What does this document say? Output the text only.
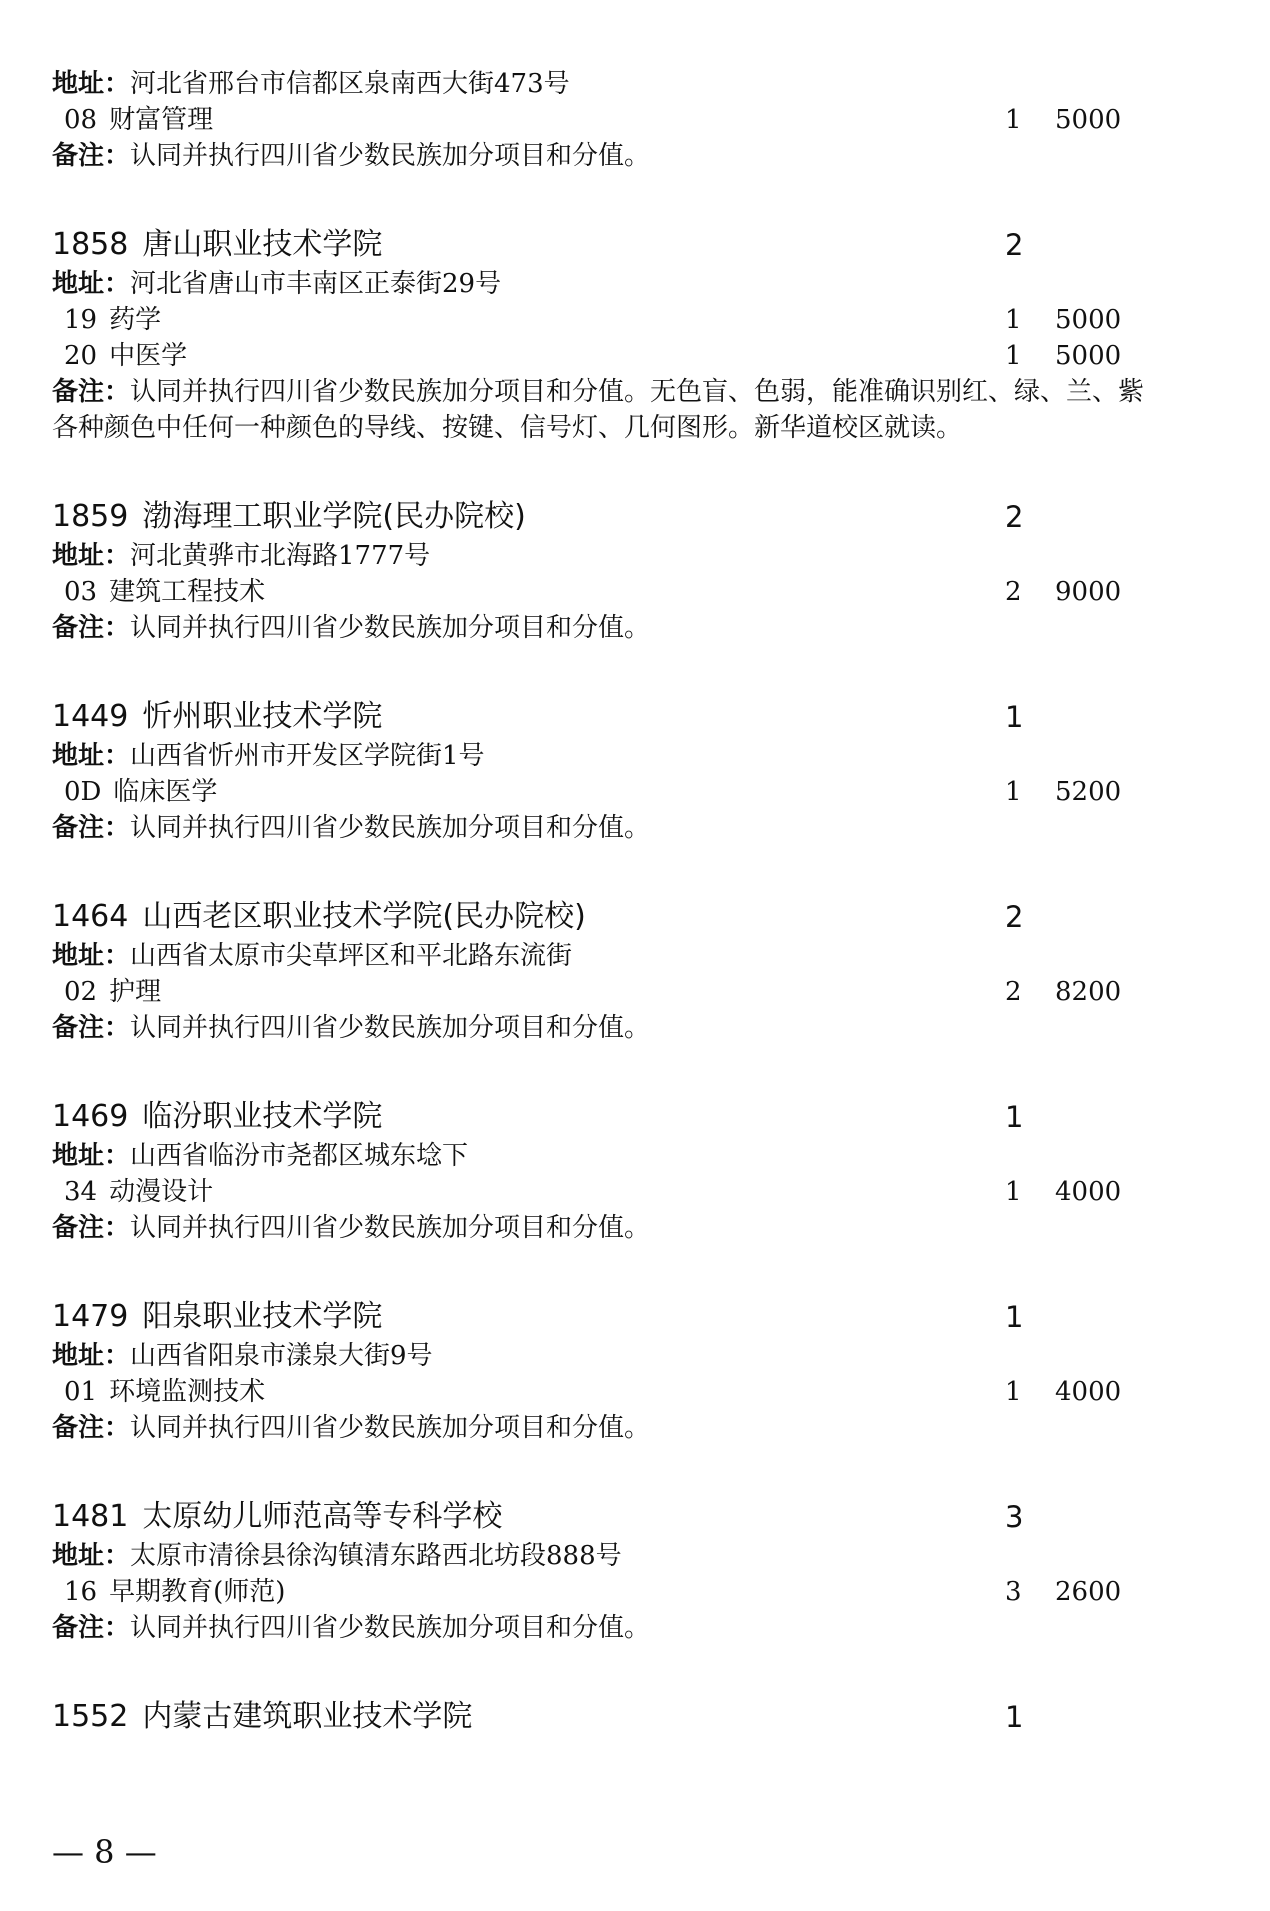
地址：河北省邢台市信都区泉南西大街473号
08 财富管理	1 5000
备注：认同并执行四川省少数民族加分项目和分值。
1858 唐山职业技术学院	2
地址：河北省唐山市丰南区正泰街29号
19 药学	1 5000
20 中医学	1 5000
备注：认同并执行四川省少数民族加分项目和分值。无色盲、色弱，能准确识别红、绿、兰、紫
各种颜色中任何一种颜色的导线、按键、信号灯、几何图形。新华道校区就读。
1859 渤海理工职业学院(民办院校)	2
地址：河北黄骅市北海路1777号
03 建筑工程技术	2 9000
备注：认同并执行四川省少数民族加分项目和分值。
1449 忻州职业技术学院	1
地址：山西省忻州市开发区学院街1号
0D 临床医学	1 5200
备注：认同并执行四川省少数民族加分项目和分值。
1464 山西老区职业技术学院(民办院校)	2
地址：山西省太原市尖草坪区和平北路东流街
02 护理	2 8200
备注：认同并执行四川省少数民族加分项目和分值。
1469 临汾职业技术学院	1
地址：山西省临汾市尧都区城东埝下
34 动漫设计	1 4000
备注：认同并执行四川省少数民族加分项目和分值。
1479 阳泉职业技术学院	1
地址：山西省阳泉市漾泉大街9号
01 环境监测技术	1 4000
备注：认同并执行四川省少数民族加分项目和分值。
1481 太原幼儿师范高等专科学校	3
地址：太原市清徐县徐沟镇清东路西北坊段888号
16 早期教育(师范)	3 2600
备注：认同并执行四川省少数民族加分项目和分值。
1552 内蒙古建筑职业技术学院	1
— 8 —
